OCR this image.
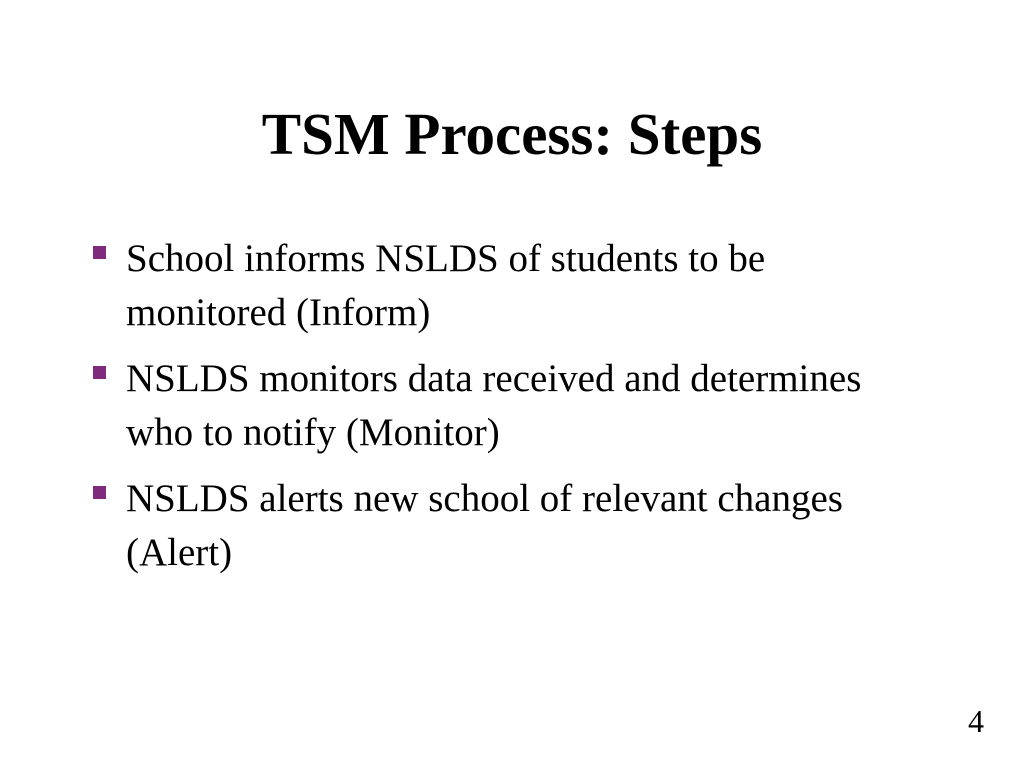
TSM Process: Steps
School informs NSLDS of students to be monitored (Inform)
NSLDS monitors data received and determines who to notify (Monitor)
NSLDS alerts new school of relevant changes (Alert)
4
